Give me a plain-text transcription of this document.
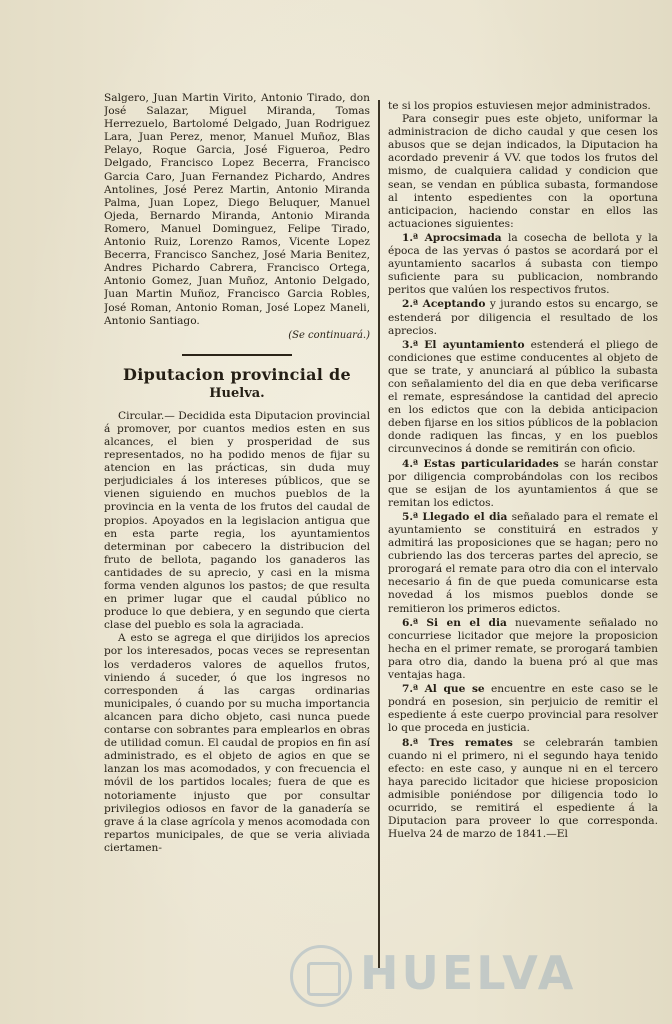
Salgero, Juan Martin Virito, Antonio Tirado, don José Salazar, Miguel Miranda, Tomas Herrezuelo, Bartolomé Delgado, Juan Rodriguez Lara, Juan Perez, menor, Manuel Muñoz, Blas Pelayo, Roque Garcia, José Figueroa, Pedro Delgado, Francisco Lopez Becerra, Francisco Garcia Caro, Juan Fernandez Pichardo, Andres Antolines, José Perez Martin, Antonio Miranda Palma, Juan Lopez, Diego Beluquer, Manuel Ojeda, Bernardo Miranda, Antonio Miranda Romero, Manuel Dominguez, Felipe Tirado, Antonio Ruiz, Lorenzo Ramos, Vicente Lopez Becerra, Francisco Sanchez, José Maria Benitez, Andres Pichardo Cabrera, Francisco Ortega, Antonio Gomez, Juan Muñoz, Antonio Delgado, Juan Martin Muñoz, Francisco Garcia Robles, José Roman, Antonio Roman, José Lopez Maneli, Antonio Santiago.

(Se continuará.)

Diputacion provincial de

Huelva.

Circular.— Decidida esta Diputacion provincial á promover, por cuantos medios esten en sus alcances, el bien y prosperidad de sus representados, no ha podido menos de fijar su atencion en las prácticas, sin duda muy perjudiciales á los intereses públicos, que se vienen siguiendo en muchos pueblos de la provincia en la venta de los frutos del caudal de propios. Apoyados en la legislacion antigua que en esta parte regia, los ayuntamientos determinan por cabecero la distribucion del fruto de bellota, pagando los ganaderos las cantidades de su aprecio, y casi en la misma forma venden algunos los pastos; de que resulta en primer lugar que el caudal público no produce lo que debiera, y en segundo que cierta clase del pueblo es sola la agraciada.

A esto se agrega el que dirijidos los aprecios por los interesados, pocas veces se representan los verdaderos valores de aquellos frutos, viniendo á suceder, ó que los ingresos no corresponden á las cargas ordinarias municipales, ó cuando por su mucha importancia alcancen para dicho objeto, casi nunca puede contarse con sobrantes para emplearlos en obras de utilidad comun. El caudal de propios en fin así administrado, es el objeto de agios en que se lanzan los mas acomodados, y con frecuencia el móvil de los partidos locales; fuera de que es notoriamente injusto que por consultar privilegios odiosos en favor de la ganadería se grave á la clase agrícola y menos acomodada con repartos municipales, de que se veria aliviada ciertamen-

te si los propios estuviesen mejor administrados.

Para consegir pues este objeto, uniformar la administracion de dicho caudal y que cesen los abusos que se dejan indicados, la Diputacion ha acordado prevenir á VV. que todos los frutos del mismo, de cualquiera calidad y condicion que sean, se vendan en pública subasta, formandose al intento espedientes con la oportuna anticipacion, haciendo constar en ellos las actuaciones siguientes:

1.ª Aprocsimada la cosecha de bellota y la época de las yervas ó pastos se acordará por el ayuntamiento sacarlos á subasta con tiempo suficiente para su publicacion, nombrando peritos que valúen los respectivos frutos.

2.ª Aceptando y jurando estos su encargo, se estenderá por diligencia el resultado de los aprecios.

3.ª El ayuntamiento estenderá el pliego de condiciones que estime conducentes al objeto de que se trate, y anunciará al público la subasta con señalamiento del dia en que deba verificarse el remate, espresándose la cantidad del aprecio en los edictos que con la debida anticipacion deben fijarse en los sitios públicos de la poblacion donde radiquen las fincas, y en los pueblos circunvecinos á donde se remitirán con oficio.

4.ª Estas particularidades se harán constar por diligencia comprobándolas con los recibos que se esijan de los ayuntamientos á que se remitan los edictos.

5.ª Llegado el dia señalado para el remate el ayuntamiento se constituirá en estrados y admitirá las proposiciones que se hagan; pero no cubriendo las dos terceras partes del aprecio, se prorogará el remate para otro dia con el intervalo necesario á fin de que pueda comunicarse esta novedad á los mismos pueblos donde se remitieron los primeros edictos.

6.ª Si en el dia nuevamente señalado no concurriese licitador que mejore la proposicion hecha en el primer remate, se prorogará tambien para otro dia, dando la buena pró al que mas ventajas haga.

7.ª Al que se encuentre en este caso se le pondrá en posesion, sin perjuicio de remitir el espediente á este cuerpo provincial para resolver lo que proceda en justicia.

8.ª Tres remates se celebrarán tambien cuando ni el primero, ni el segundo haya tenido efecto: en este caso, y aunque ni en el tercero haya parecido licitador que hiciese proposicion admisible poniéndose por diligencia todo lo ocurrido, se remitirá el espediente á la Diputacion para proveer lo que corresponda. Huelva 24 de marzo de 1841.—El

HUELVA
